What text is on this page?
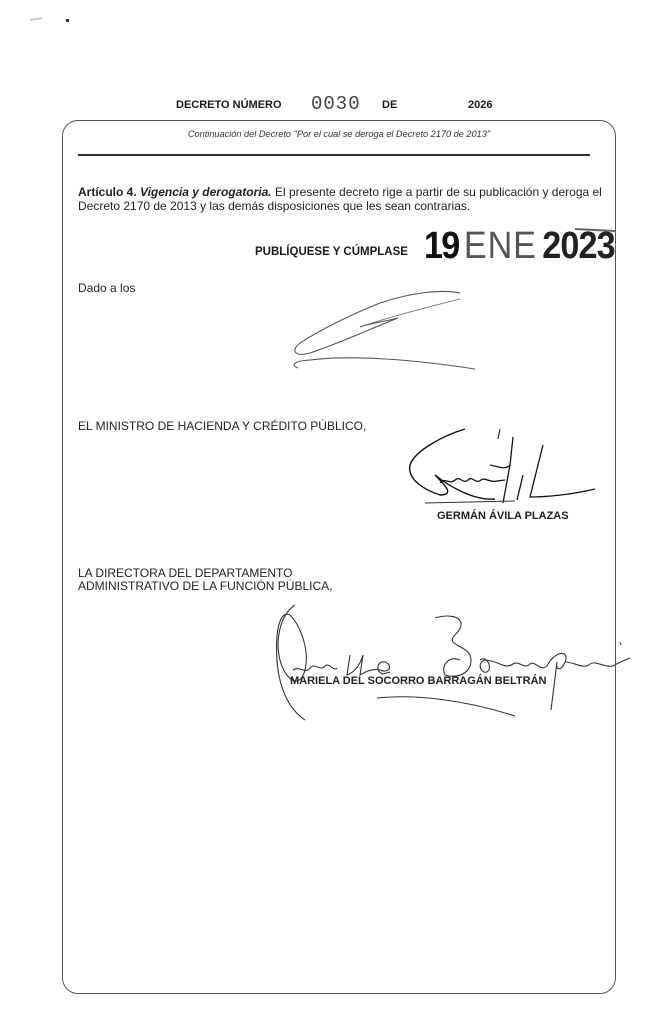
DECRETO NÚMERO 0030 DE	2026
Continuación del Decreto "Por el cual se deroga el Decreto 2170 de 2013"
Artículo 4. Vigencia y derogatoria. El presente decreto rige a partir de su publicación y deroga el Decreto 2170 de 2013 y las demás disposiciones que les sean contrarias.
PUBLÍQUESE Y CÚMPLASE 19 ENE 2023
Dado a los
EL MINISTRO DE HACIENDA Y CRÉDITO PÚBLICO,
GERMÁN ÁVILA PLAZAS
LA DIRECTORA DEL DEPARTAMENTO
ADMINISTRATIVO DE LA FUNCIÓN PÚBLICA,
MARIELA DEL SOCORRO BARRAGÁN BELTRÁN
